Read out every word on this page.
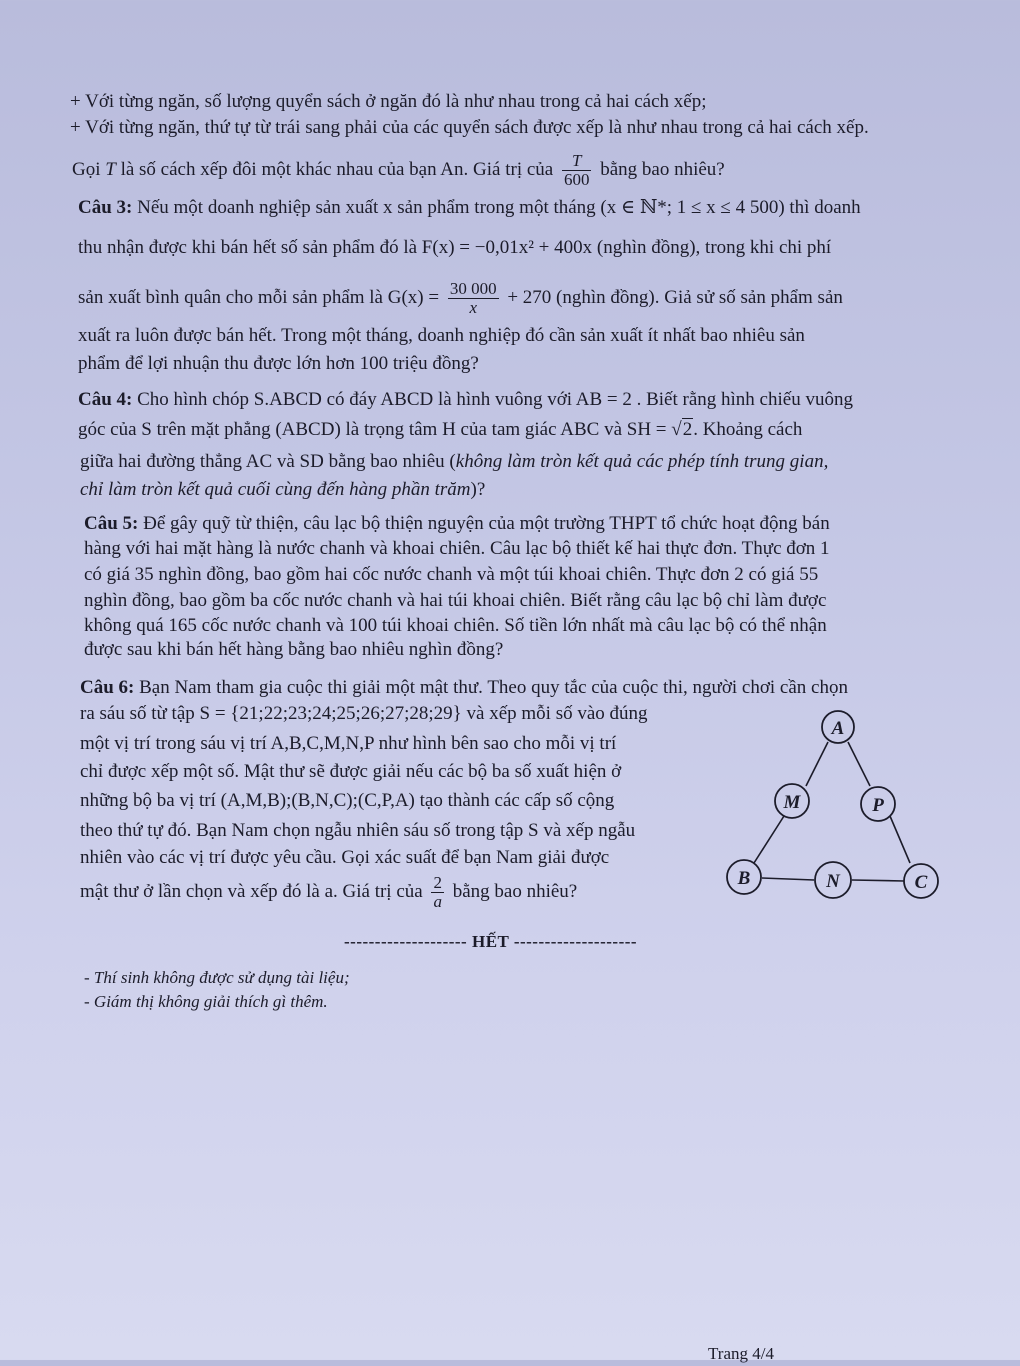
+ Với từng ngăn, số lượng quyển sách ở ngăn đó là như nhau trong cả hai cách xếp;
+ Với từng ngăn, thứ tự từ trái sang phải của các quyển sách được xếp là như nhau trong cả hai cách xếp.
Gọi T là số cách xếp đôi một khác nhau của bạn An. Giá trị của $\frac{T}{600}$ bằng bao nhiêu?
Câu 3: Nếu một doanh nghiệp sản xuất x sản phẩm trong một tháng (x ∈ ℕ*; 1 ≤ x ≤ 4 500) thì doanh
thu nhận được khi bán hết số sản phẩm đó là F(x) = −0,01x² + 400x (nghìn đồng), trong khi chi phí
sản xuất bình quân cho mỗi sản phẩm là $G(x) = \frac{30 000}{x} + 270$ (nghìn đồng). Giả sử số sản phẩm sản
xuất ra luôn được bán hết. Trong một tháng, doanh nghiệp đó cần sản xuất ít nhất bao nhiêu sản
phẩm để lợi nhuận thu được lớn hơn 100 triệu đồng?
Câu 4: Cho hình chóp S.ABCD có đáy ABCD là hình vuông với AB = 2 . Biết rằng hình chiếu vuông
góc của S trên mặt phẳng (ABCD) là trọng tâm H của tam giác ABC và SH = √2. Khoảng cách
giữa hai đường thẳng AC và SD bằng bao nhiêu (không làm tròn kết quả các phép tính trung gian,
chỉ làm tròn kết quả cuối cùng đến hàng phần trăm)?
Câu 5: Để gây quỹ từ thiện, câu lạc bộ thiện nguyện của một trường THPT tổ chức hoạt động bán
hàng với hai mặt hàng là nước chanh và khoai chiên. Câu lạc bộ thiết kế hai thực đơn. Thực đơn 1
có giá 35 nghìn đồng, bao gồm hai cốc nước chanh và một túi khoai chiên. Thực đơn 2 có giá 55
nghìn đồng, bao gồm ba cốc nước chanh và hai túi khoai chiên. Biết rằng câu lạc bộ chỉ làm được
không quá 165 cốc nước chanh và 100 túi khoai chiên. Số tiền lớn nhất mà câu lạc bộ có thể nhận
được sau khi bán hết hàng bằng bao nhiêu nghìn đồng?
Câu 6: Bạn Nam tham gia cuộc thi giải một mật thư. Theo quy tắc của cuộc thi, người chơi cần chọn
ra sáu số từ tập S = {21;22;23;24;25;26;27;28;29} và xếp mỗi số vào đúng
một vị trí trong sáu vị trí A,B,C,M,N,P như hình bên sao cho mỗi vị trí
chỉ được xếp một số. Mật thư sẽ được giải nếu các bộ ba số xuất hiện ở
những bộ ba vị trí (A,M,B);(B,N,C);(C,P,A) tạo thành các cấp số cộng
theo thứ tự đó. Bạn Nam chọn ngẫu nhiên sáu số trong tập S và xếp ngẫu
nhiên vào các vị trí được yêu cầu. Gọi xác suất để bạn Nam giải được
mật thư ở lần chọn và xếp đó là a. Giá trị của $\frac{2}{a}$ bằng bao nhiêu?
A
M	P
B	N	C
-------------------- HẾT --------------------
- Thí sinh không được sử dụng tài liệu;
- Giám thị không giải thích gì thêm.
Trang 4/4
